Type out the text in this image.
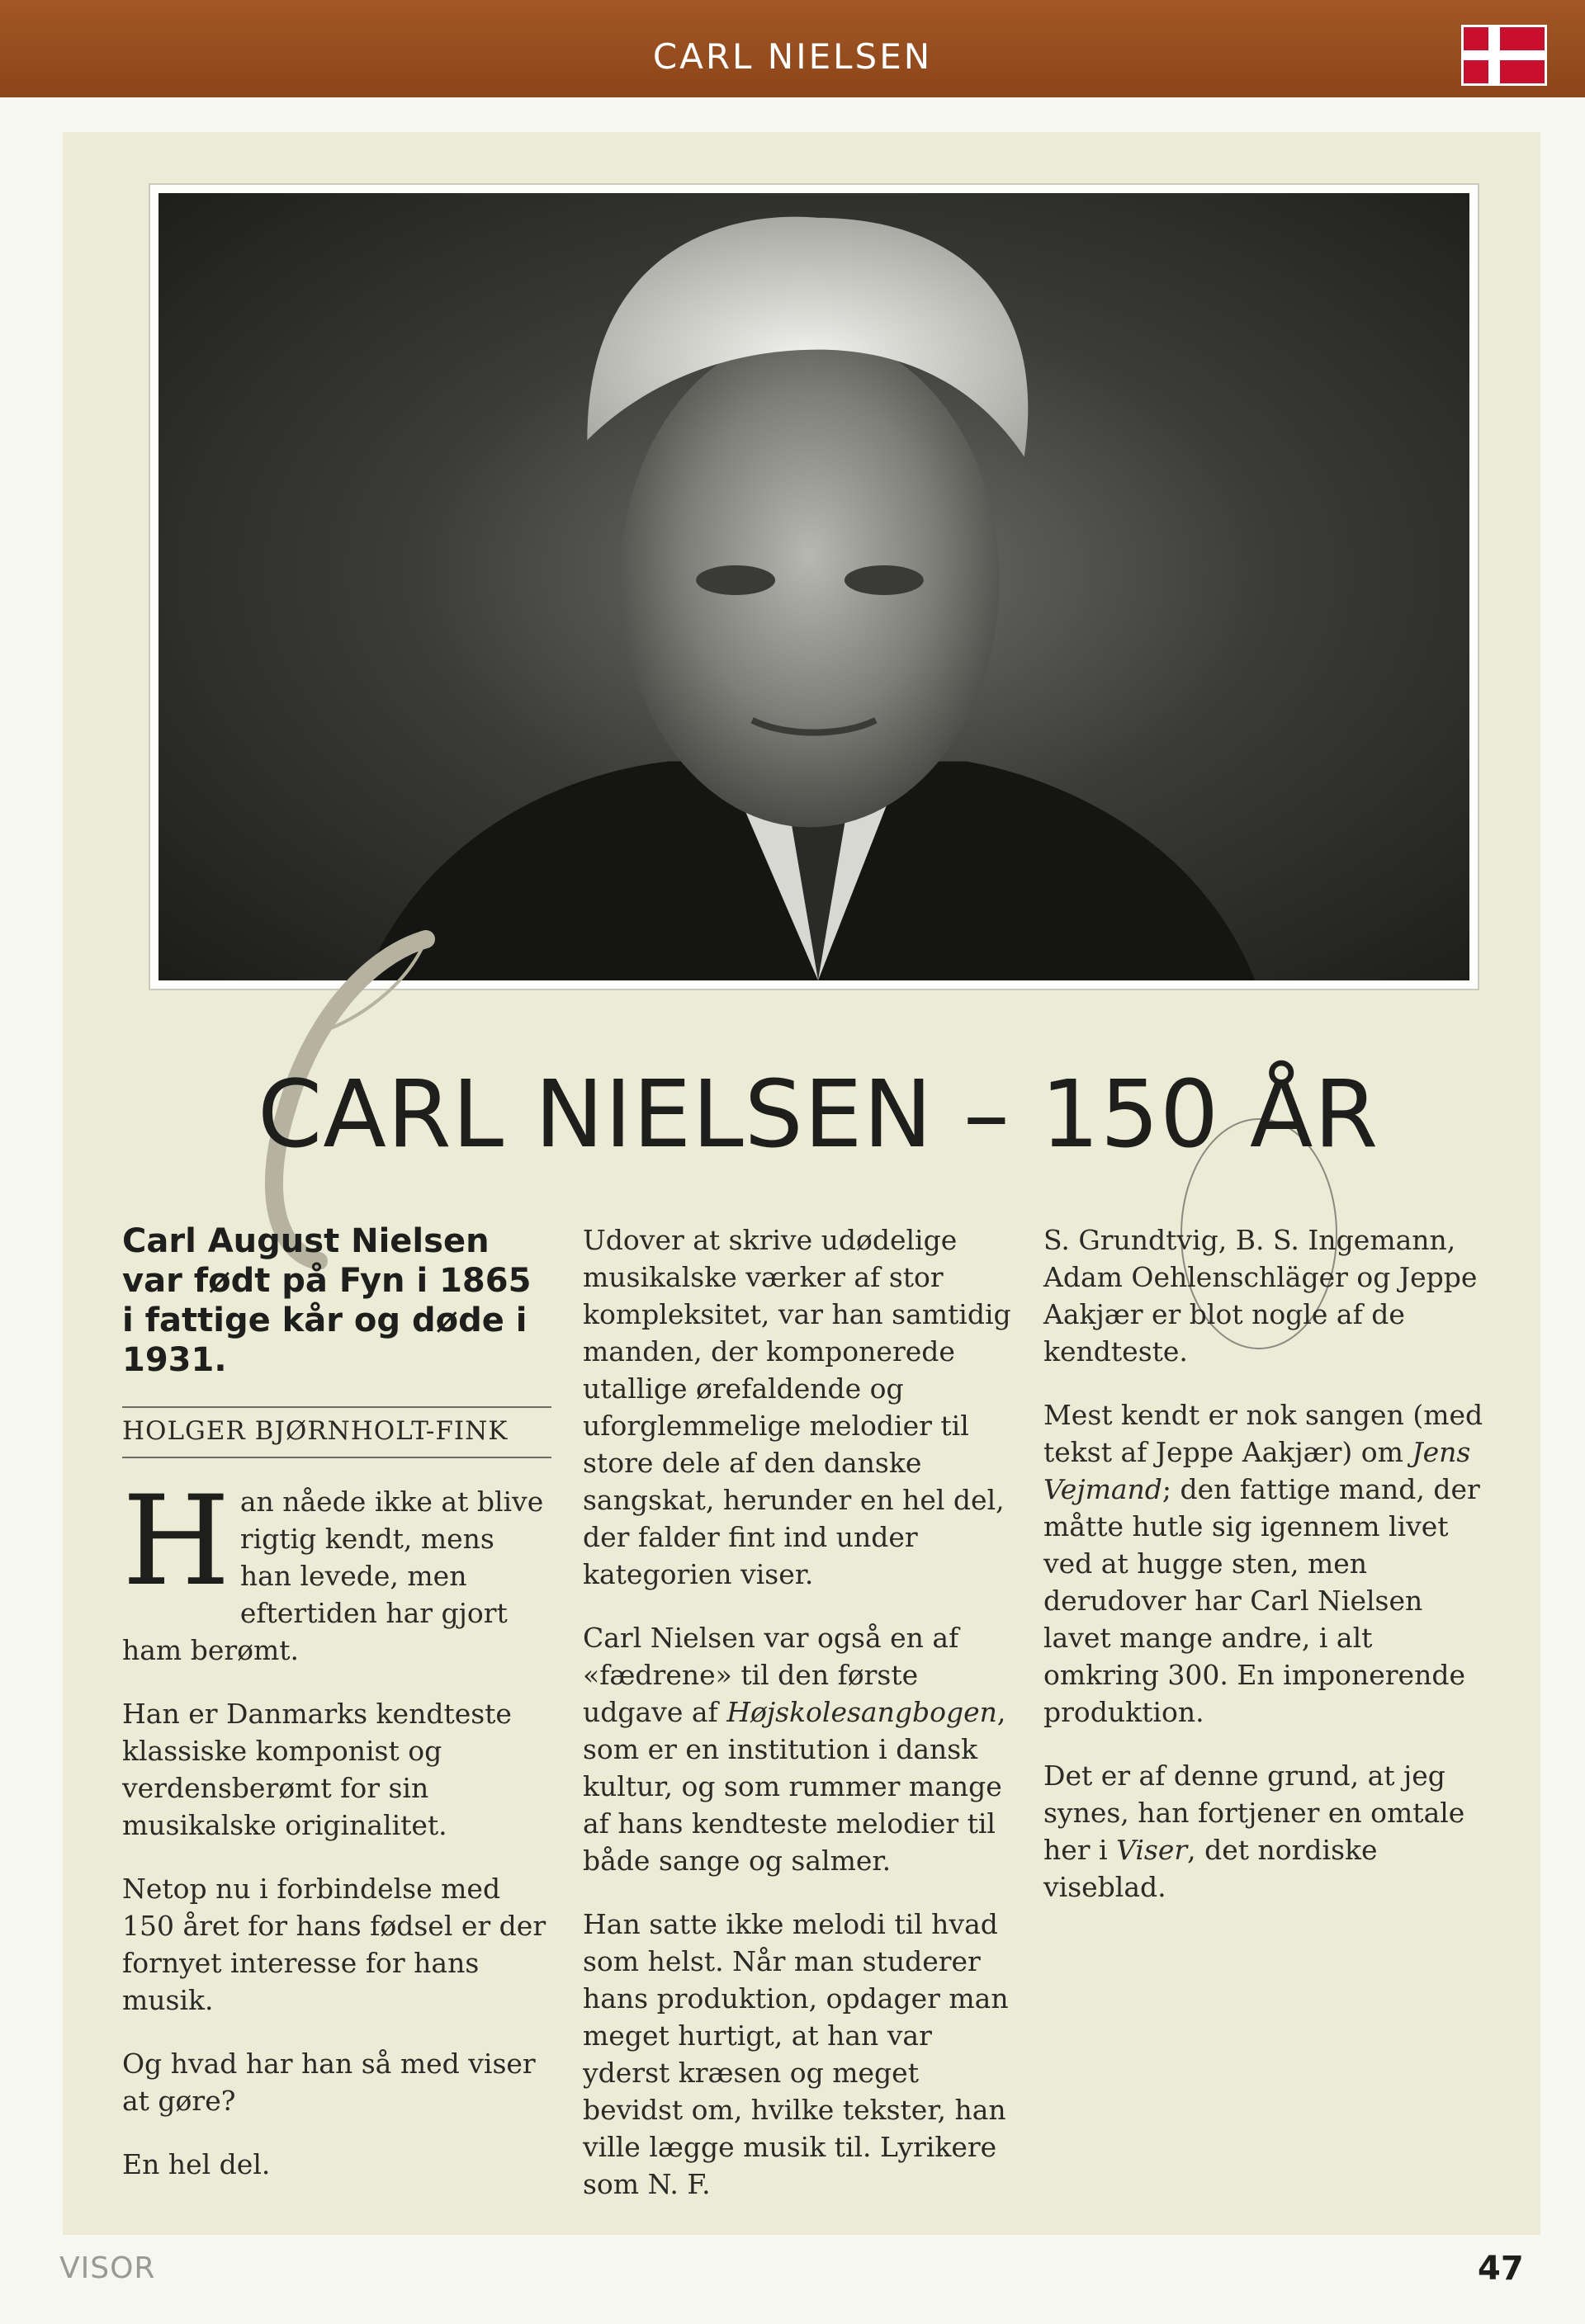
CARL NIELSEN
CARL NIELSEN – 150 ÅR

Carl August Nielsen var født på Fyn i 1865 i fattige kår og døde i 1931.

HOLGER BJØRNHOLT-FINK

Han nåede ikke at blive rigtig kendt, mens han levede, men eftertiden har gjort ham berømt.

Han er Danmarks kendteste klassiske komponist og verdensberømt for sin musikalske originalitet.

Netop nu i forbindelse med 150 året for hans fødsel er der fornyet interesse for hans musik.

Og hvad har han så med viser at gøre?

En hel del.

Udover at skrive udødelige musikalske værker af stor kompleksitet, var han samtidig manden, der komponerede utallige ørefaldende og uforglemmelige melodier til store dele af den danske sangskat, herunder en hel del, der falder fint ind under kategorien viser.

Carl Nielsen var også en af «fædrene» til den første udgave af Højskolesangbogen, som er en institution i dansk kultur, og som rummer mange af hans kendteste melodier til både sange og salmer.

Han satte ikke melodi til hvad som helst. Når man studerer hans produktion, opdager man meget hurtigt, at han var yderst kræsen og meget bevidst om, hvilke tekster, han ville lægge musik til. Lyrikere som N. F.

S. Grundtvig, B. S. Ingemann, Adam Oehlenschläger og Jeppe Aakjær er blot nogle af de kendteste.

Mest kendt er nok sangen (med tekst af Jeppe Aakjær) om Jens Vejmand; den fattige mand, der måtte hutle sig igennem livet ved at hugge sten, men derudover har Carl Nielsen lavet mange andre, i alt omkring 300. En imponerende produktion.

Det er af denne grund, at jeg synes, han fortjener en omtale her i Viser, det nordiske viseblad.

VISOR	47
